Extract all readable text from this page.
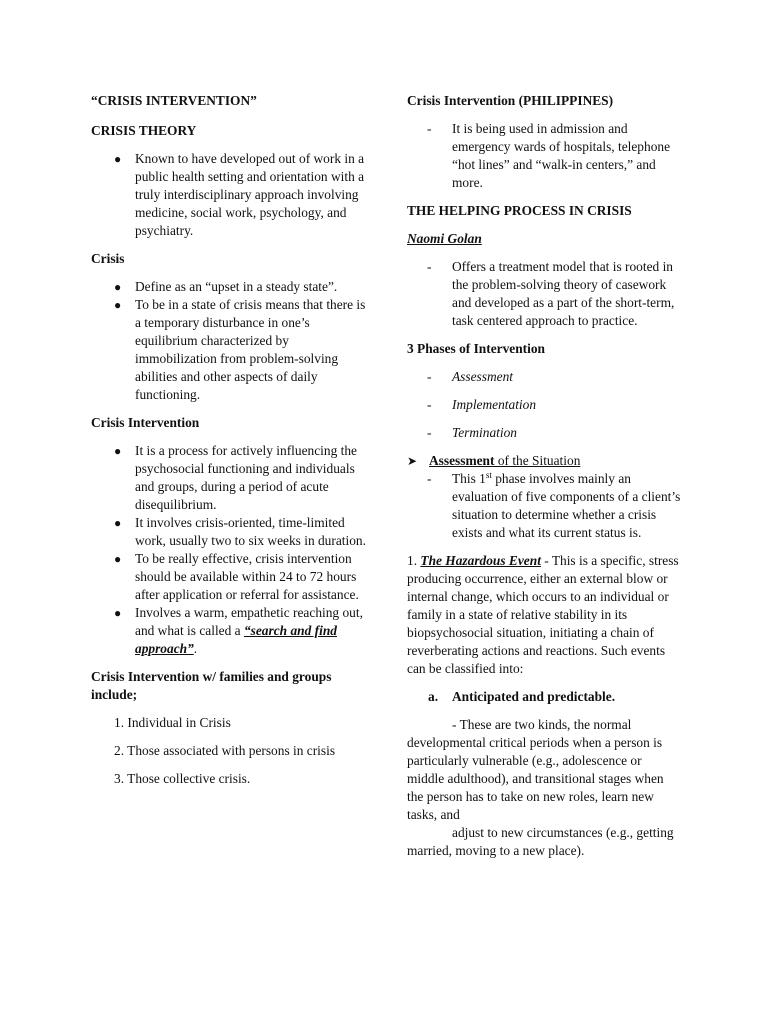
“CRISIS INTERVENTION”

CRISIS THEORY

● Known to have developed out of work in a public health setting and orientation with a truly interdisciplinary approach involving medicine, social work, psychology, and psychiatry.

Crisis

● Define as an “upset in a steady state”.
● To be in a state of crisis means that there is a temporary disturbance in one’s equilibrium characterized by immobilization from problem-solving abilities and other aspects of daily functioning.

Crisis Intervention

● It is a process for actively influencing the psychosocial functioning and individuals and groups, during a period of acute disequilibrium.
● It involves crisis-oriented, time-limited work, usually two to six weeks in duration.
● To be really effective, crisis intervention should be available within 24 to 72 hours after application or referral for assistance.
● Involves a warm, empathetic reaching out, and what is called a “search and find approach”.

Crisis Intervention w/ families and groups include;

1. Individual in Crisis
2. Those associated with persons in crisis
3. Those collective crisis.

Crisis Intervention (PHILIPPINES)

- It is being used in admission and emergency wards of hospitals, telephone “hot lines” and “walk-in centers,” and more.

THE HELPING PROCESS IN CRISIS

Naomi Golan

- Offers a treatment model that is rooted in the problem-solving theory of casework and developed as a part of the short-term, task centered approach to practice.

3 Phases of Intervention

- Assessment
- Implementation
- Termination
➤ Assessment of the Situation
- This 1st phase involves mainly an evaluation of five components of a client’s situation to determine whether a crisis exists and what its current status is.

1. The Hazardous Event - This is a specific, stress producing occurrence, either an external blow or internal change, which occurs to an individual or family in a state of relative stability in its biopsychosocial situation, initiating a chain of reverberating actions and reactions. Such events can be classified into:

a. Anticipated and predictable.

- These are two kinds, the normal developmental critical periods when a person is particularly vulnerable (e.g., adolescence or middle adulthood), and transitional stages when the person has to take on new roles, learn new tasks, and

adjust to new circumstances (e.g., getting married, moving to a new place).
